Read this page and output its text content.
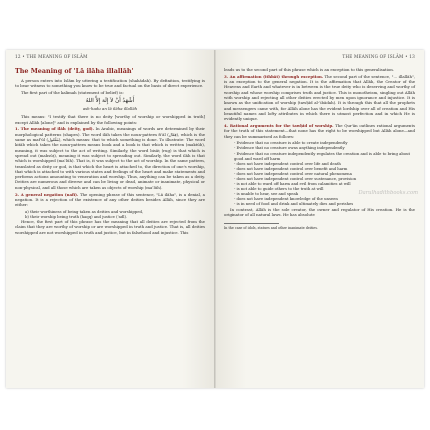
12 • THE MEANING OF ISLĀM
The Meaning of 'Lā ilāha illallāh'

A person enters into Islām by uttering a testification (shahādah). By definition, testifying is to bear witness to something you know to be true and factual on the basis of direct experience.

The first part of the kalimah (statement of belief) is:

أَشْهَدُ أَنْ لاَ إِلَهَ إِلاَّ اللهُ
ash-hadu an lā ilāha illallāh

This means: "I testify that there is no deity [worthy of worship or worshipped in truth] except Allāh [alone]" and is explained by the following points:

1. The meaning of ilāh (deity, god). In Arabic, meanings of words are determined by their morphological patterns (shapes). The word ilāh takes the noun-pattern fiʿāl (فِعَال), which is the same as mafʿūl (مَفْعُول), which means: that to which something is done. To illustrate: The word kitāb which takes the noun-pattern means book and a book is that which is written (maktūb), meaning, it was subject to the act of writing. Similarly, the word bisāṭ (rug) is that which is spread out (mabsūṭ), meaning it was subject to spreading out. Similarly, the word ilāh is that which is worshipped (maʿlūh). That is, it was subject to the act of worship. In the same pattern, translated as deity or god, is that which the heart is attached to, the direction of one's worship, that which is attached to with various states and feelings of the heart and make statements and performs actions amounting to veneration and worship. Thus, anything can be taken as a deity. Deities are numerous and diverse and can be living or dead, animate or inanimate, physical or non-physical, and all those which are taken as objects of worship (maʿlūh).

2. A general negation (nafī). The opening phrase of this sentence, "Lā ilāha", is a denial, a negation. It is a rejection of the existence of any other deities besides Allāh, since they are either:

a) their worthiness of being taken as deities and worshipped,
b) their worship being truth (haqq) and justice ('adl).

Hence, the first part of this phrase has the meaning that all deities are rejected from the claim that they are worthy of worship or are worshipped in truth and justice. That is, all deities worshipped are not worshipped in truth and justice, but in falsehood and injustice. This

THE MEANING OF ISLĀM • 13

leads us to the second part of this phrase which is an exception to this generalisation.

3. An affirmation (ithbāt) through exception. The second part of the sentence, "... illallāh", is an exception to the general negation. It is the affirmation that Allāh, the Creator of the Heavens and Earth and whatever is in between is the true deity who is deserving and worthy of worship and whose worship comprises truth and justice. This is monotheism, singling out Allāh with worship and rejecting all other deities erected by men upon ignorance and injustice. It is known as the unification of worship (tawḥīd al-ʿibādah). It is through this that all the prophets and messengers came with, for Allāh alone has the evident lordship over all of creation and His beautiful names and lofty attributes in which there is utmost perfection and in which He is evidently unique.

4. Rational arguments for the tawḥīd of worship. The Qur'ān outlines rational arguments for the truth of this statement—that none has the right to be worshipped but Allāh alone—and they can be summarised as follows:

- Evidence that no creature is able to create independently
- Evidence that no creature owns anything independently
- Evidence that no creature independently regulates the creation and is able to bring about good and ward off harm
- does not have independent control over life and death
- does not have independent control over benefit and harm
- does not have independent control over natural phenomena
- does not have independent control over sustenance, provision
- is not able to ward off harm and evil from calamities at will
- is not able to guide others to the truth at will
- is unable to hear, see and speak
- does not have independent knowledge of the unseen
- is in need of food and drink and ultimately dies and perishes

In contrast, Allāh is the sole creator, the owner and regulator of His creation. He is the originator of all natural laws. He has absolute

In the case of idols, statues and other inanimate deities.
Darulhadithbooks.com
